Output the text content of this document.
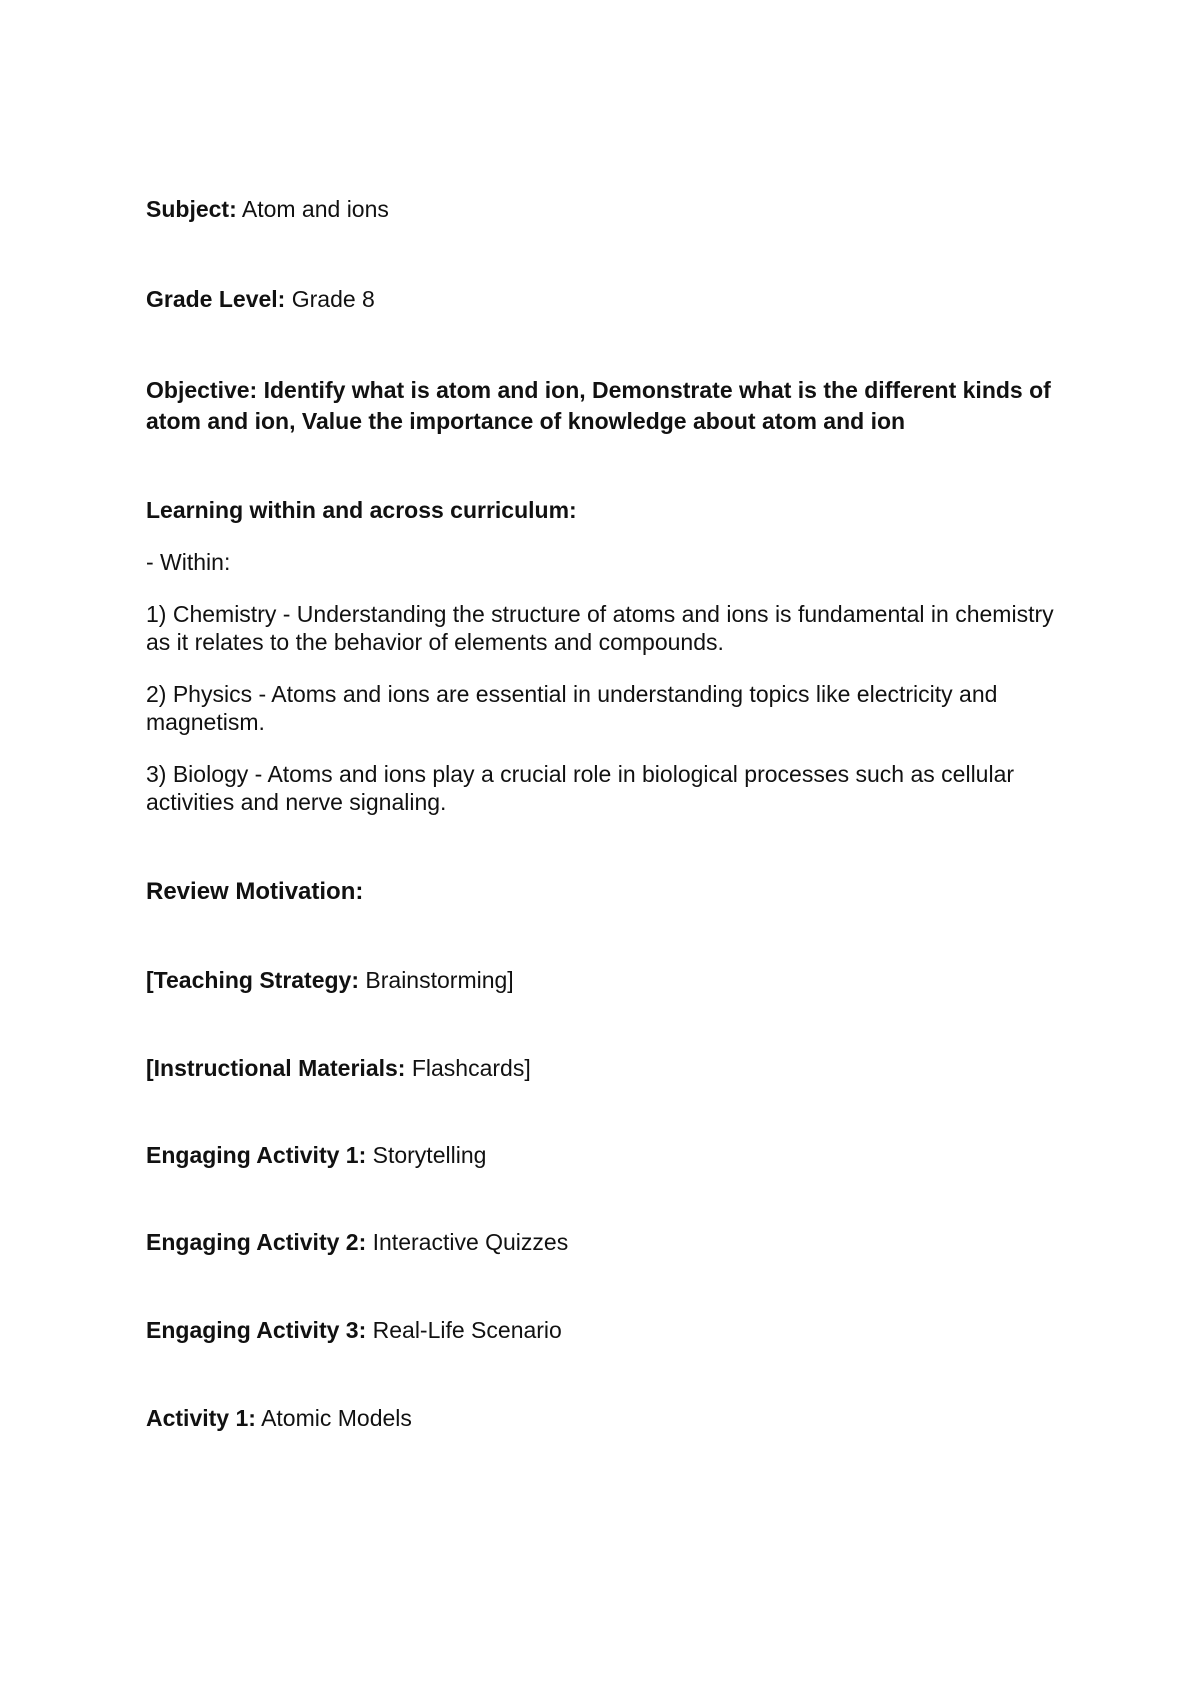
Subject: Atom and ions

Grade Level: Grade 8

Objective: Identify what is atom and ion, Demonstrate what is the different kinds of atom and ion, Value the importance of knowledge about atom and ion

Learning within and across curriculum:

- Within:

1) Chemistry - Understanding the structure of atoms and ions is fundamental in chemistry as it relates to the behavior of elements and compounds.

2) Physics - Atoms and ions are essential in understanding topics like electricity and magnetism.

3) Biology - Atoms and ions play a crucial role in biological processes such as cellular activities and nerve signaling.

Review Motivation:

[Teaching Strategy: Brainstorming]

[Instructional Materials: Flashcards]

Engaging Activity 1: Storytelling

Engaging Activity 2: Interactive Quizzes

Engaging Activity 3: Real-Life Scenario

Activity 1: Atomic Models
